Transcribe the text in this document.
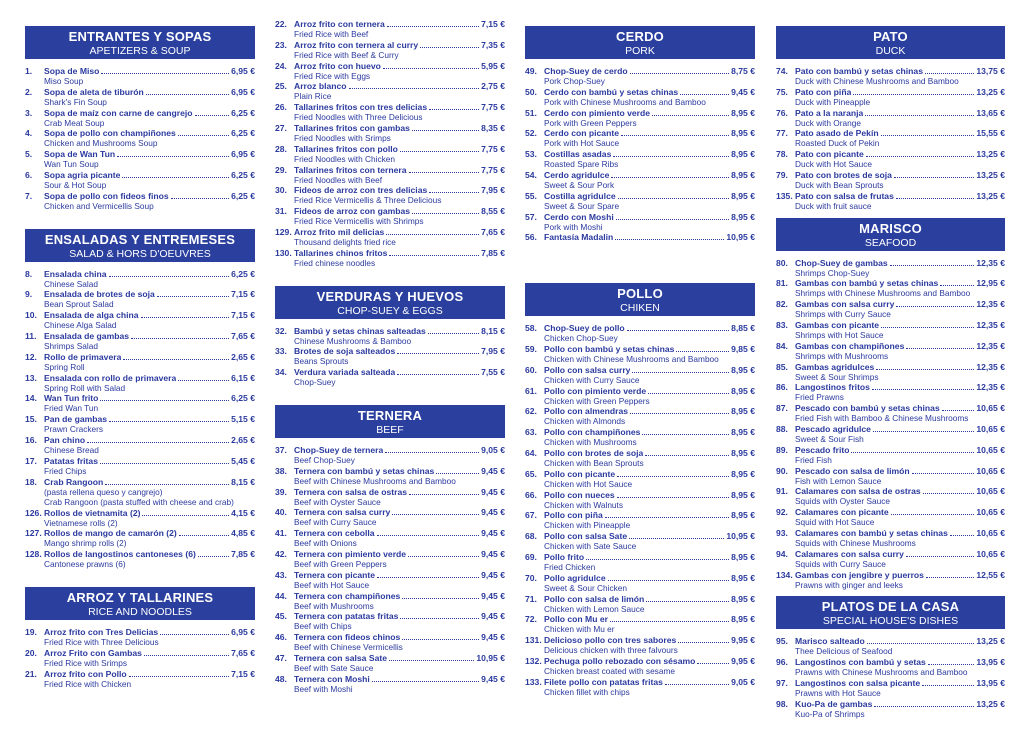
ENTRANTES Y SOPAS
APETIZERS & SOUP
1.	Sopa de Miso	6,95 €
Miso Soup
2.	Sopa de aleta de tiburón	6,95 €
Shark's Fin Soup
3.	Sopa de maíz con carne de cangrejo	6,25 €
Crab Meat Soup
4.	Sopa de pollo con champiñones	6,25 €
Chicken and Mushrooms Soup
5.	Sopa de Wan Tun	6,95 €
Wan Tun Soup
6.	Sopa agria picante	6,25 €
Sour & Hot Soup
7.	Sopa de pollo con fideos finos	6,25 €
Chicken and Vermicellis Soup
ENSALADAS Y ENTREMESES
SALAD & HORS D'OEUVRES
8.	Ensalada china	6,25 €
Chinese Salad
9.	Ensalada de brotes de soja	7,15 €
Bean Sprout Salad
10. Ensalada de alga china	7,15 €
Chinese Alga Salad
11. Ensalada de gambas	7,65 €
Shrimps Salad
12. Rollo de primavera	2,65 €
Spring Roll
13. Ensalada con rollo de primavera	6,15 €
Spring Roll with Salad
14. Wan Tun frito	6,25 €
Fried Wan Tun
15. Pan de gambas	5,15 €
Prawn Crackers
16. Pan chino	2,65 €
Chinese Bread
17. Patatas fritas	5,45 €
Fried Chips
18. Crab Rangoon	8,15 €
(pasta rellena queso y cangrejo)
Crab Rangoon (pasta stuffed with cheese and crab)
126. Rollos de vietnamita (2)	4,15 €
Vietnamese rolls (2)
127. Rollos de mango de camarón (2)	4,85 €
Mango shrimp rolls (2)
128. Rollos de langostinos cantoneses (6)	7,85 €
Cantonese prawns (6)
ARROZ Y TALLARINES
RICE AND NOODLES
19. Arroz frito con Tres Delicias	6,95 €
Fried Rice with Three Delicious
20. Arroz Frito con Gambas	7,65 €
Fried Rice with Srimps
21. Arroz frito con Pollo	7,15 €
Fried Rice with Chicken
22. Arroz frito con ternera	7,15 €
Fried Rice with Beef
23. Arroz frito con ternera al curry	7,35 €
Fried Rice with Beef & Curry
24. Arroz frito con huevo	5,95 €
Fried Rice with Eggs
25. Arroz blanco	2,75 €
Plain Rice
26. Tallarines fritos con tres delicias	7,75 €
Fried Noodles with Three Delicious
27. Tallarines fritos con gambas	8,35 €
Fried Noodles with Srimps
28. Tallarines fritos con pollo	7,75 €
Fried Noodles with Chicken
29. Tallarines fritos con ternera	7,75 €
Fried Noodles with Beef
30. Fideos de arroz con tres delicias	7,95 €
Fried Rice Vermicellis & Three Delicious
31. Fideos de arroz con gambas	8,55 €
Fried Rice Vermicellis with Shrimps
129. Arroz frito mil delicias	7,65 €
Thousand delights fried rice
130. Tallarines chinos fritos	7,85 €
Fried chinese noodles
VERDURAS Y HUEVOS
CHOP-SUEY & EGGS
32. Bambú y setas chinas salteadas	8,15 €
Chinese Mushrooms & Bamboo
33. Brotes de soja salteados	7,95 €
Beans Sprouts
34. Verdura variada salteada	7,55 €
Chop-Suey
TERNERA
BEEF
37. Chop-Suey de ternera	9,05 €
Beef Chop-Suey
38. Ternera con bambú y setas chinas	9,45 €
Beef with Chinese Mushrooms and Bamboo
39. Ternera con salsa de ostras	9,45 €
Beef with Oyster Sauce
40. Ternera con salsa curry	9,45 €
Beef with Curry Sauce
41. Ternera con cebolla	9,45 €
Beef with Onions
42. Ternera con pimiento verde	9,45 €
Beef with Green Peppers
43. Ternera con picante	9,45 €
Beef with Hot Sauce
44. Ternera con champiñones	9,45 €
Beef with Mushrooms
45. Ternera con patatas fritas	9,45 €
Beef with Chips
46. Ternera con fideos chinos	9,45 €
Beef with Chinese Vermicellis
47. Ternera con salsa Sate	10,95 €
Beef with Sate Sauce
48. Ternera con Moshi	9,45 €
Beef with Moshi
CERDO
PORK
49. Chop-Suey de cerdo	8,75 €
Pork Chop-Suey
50. Cerdo con bambú y setas chinas	9,45 €
Pork with Chinese Mushrooms and Bamboo
51. Cerdo con pimiento verde	8,95 €
Pork with Green Peppers
52. Cerdo con picante	8,95 €
Pork with Hot Sauce
53. Costillas asadas	8,95 €
Roasted Spare Ribs
54. Cerdo agridulce	8,95 €
Sweet & Sour Pork
55. Costilla agridulce	8,95 €
Sweet & Sour Spare
57. Cerdo con Moshi	8,95 €
Pork with Moshi
56. Fantasía Madalin	10,95 €
POLLO
CHIKEN
58. Chop-Suey de pollo	8,85 €
Chicken Chop-Suey
59. Pollo con bambú y setas chinas	9,85 €
Chicken with Chinese Mushrooms and Bamboo
60. Pollo con salsa curry	8,95 €
Chicken with Curry Sauce
61. Pollo con pimiento verde	8,95 €
Chicken with Green Peppers
62. Pollo con almendras	8,95 €
Chicken with Almonds
63. Pollo con champiñones	8,95 €
Chicken with Mushrooms
64. Pollo con brotes de soja	8,95 €
Chicken with Bean Sprouts
65. Pollo con picante	8,95 €
Chicken with Hot Sauce
66. Pollo con nueces	8,95 €
Chicken with Walnuts
67. Pollo con piña	8,95 €
Chicken with Pineapple
68. Pollo con salsa Sate	10,95 €
Chicken with Sate Sauce
69. Pollo frito	8,95 €
Fried Chicken
70. Pollo agridulce	8,95 €
Sweet & Sour Chicken
71. Pollo con salsa de limón	8,95 €
Chicken with Lemon Sauce
72. Pollo con Mu er	8,95 €
Chicken with Mu er
131. Delicioso pollo con tres sabores	9,95 €
Delicious chicken with three falvours
132. Pechuga pollo rebozado con sésamo	9,95 €
Chicken breast coated with sesame
133. Filete pollo con patatas fritas	9,05 €
Chicken fillet with chips
PATO
DUCK
74. Pato con bambú y setas chinas	13,75 €
Duck with Chinese Mushrooms and Bamboo
75. Pato con piña	13,25 €
Duck with Pineapple
76. Pato a la naranja	13,65 €
Duck with Orange
77. Pato asado de Pekín	15,55 €
Roasted Duck of Pekin
78. Pato con picante	13,25 €
Duck with Hot Sauce
79. Pato con brotes de soja	13,25 €
Duck with Bean Sprouts
135. Pato con salsa de frutas	13,25 €
Duck with fruit sauce
MARISCO
SEAFOOD
80. Chop-Suey de gambas	12,35 €
Shrimps Chop-Suey
81. Gambas con bambú y setas chinas	12,95 €
Shrimps with Chinese Mushrooms and Bamboo
82. Gambas con salsa curry	12,35 €
Shrimps with Curry Sauce
83. Gambas con picante	12,35 €
Shrimps with Hot Sauce
84. Gambas con champiñones	12,35 €
Shrimps with Mushrooms
85. Gambas agridulces	12,35 €
Sweet & Sour Shrimps
86. Langostinos fritos	12,35 €
Fried Prawns
87. Pescado con bambú y setas chinas	10,65 €
Fried Fish with Bamboo & Chinese Mushrooms
88. Pescado agridulce	10,65 €
Sweet & Sour Fish
89. Pescado frito	10,65 €
Fried Fish
90. Pescado con salsa de limón	10,65 €
Fish with Lemon Sauce
91. Calamares con salsa de ostras	10,65 €
Squids with Oyster Sauce
92. Calamares con picante	10,65 €
Squid with Hot Sauce
93. Calamares con bambú y setas chinas	10,65 €
Squids with Chinese Mushrooms
94. Calamares con salsa curry	10,65 €
Squids with Curry Sauce
134. Gambas con jengibre y puerros	12,55 €
Prawns with ginger and leeks
PLATOS DE LA CASA
SPECIAL HOUSE'S DISHES
95. Marisco salteado	13,25 €
Thee Delicious of Seafood
96. Langostinos con bambú y setas	13,95 €
Prawns with Chinese Mushrooms and Bamboo
97. Langostinos con salsa picante	13,95 €
Prawns with Hot Sauce
98. Kuo-Pa de gambas	13,25 €
Kuo-Pa of Shrimps
